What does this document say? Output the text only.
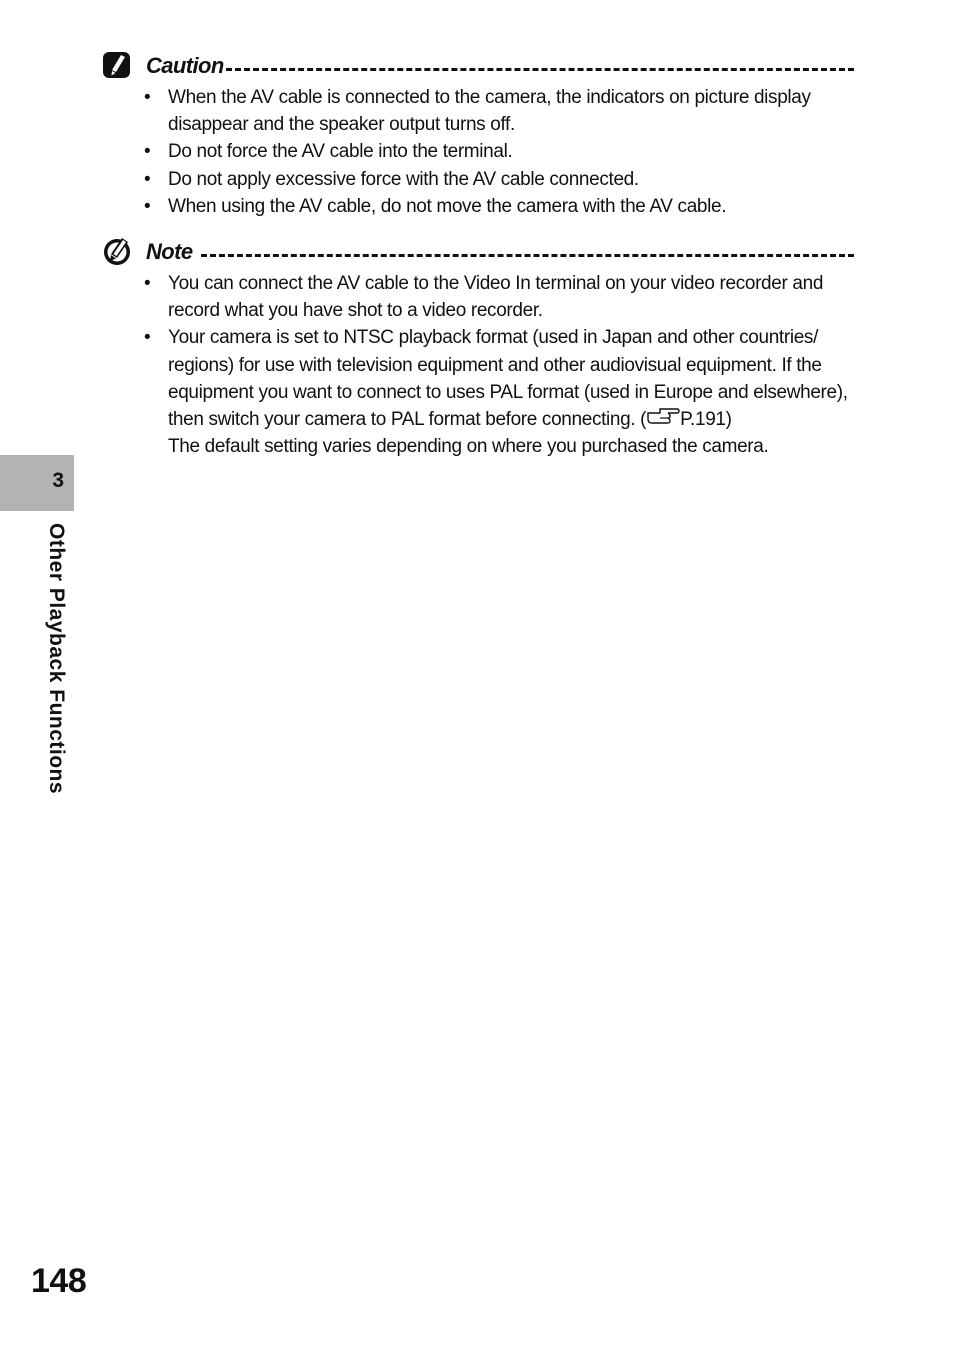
Caution
• When the AV cable is connected to the camera, the indicators on picture display disappear and the speaker output turns off.
• Do not force the AV cable into the terminal.
• Do not apply excessive force with the AV cable connected.
• When using the AV cable, do not move the camera with the AV cable.
Note
• You can connect the AV cable to the Video In terminal on your video recorder and record what you have shot to a video recorder.
• Your camera is set to NTSC playback format (used in Japan and other countries/ regions) for use with television equipment and other audiovisual equipment. If the equipment you want to connect to uses PAL format (used in Europe and elsewhere), then switch your camera to PAL format before connecting. ( P.191)
The default setting varies depending on where you purchased the camera.
3
Other Playback Functions
148
